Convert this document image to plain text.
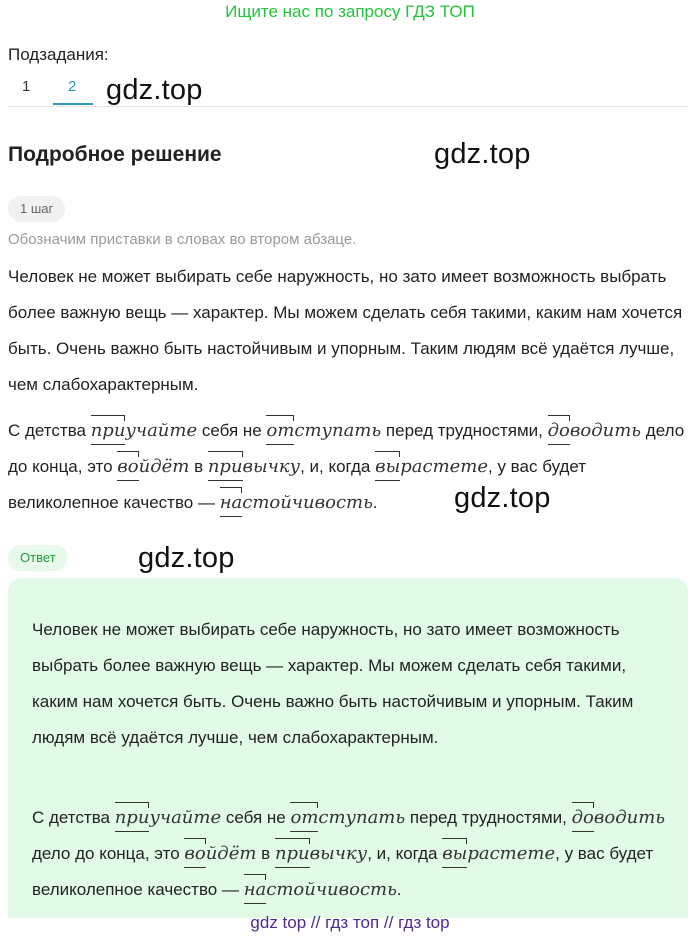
Ищите нас по запросу ГДЗ ТОП
Подзадания:
1	2 gdz.top
gdz.top
gdz.top
gdz.top
Подробное решение
1 шаг
Обозначим приставки в словах во втором абзаце.
Человек не может выбирать себе наружность, но зато имеет возможность выбрать более важную вещь — характер. Мы можем сделать себя такими, каким нам хочется быть. Очень важно быть настойчивым и упорным. Таким людям всё удаётся лучше, чем слабохарактерным.
С детства приучайте себя не отступать перед трудностями, доводить дело до конца, это войдёт в привычку, и, когда вырастете, у вас будет великолепное качество — настойчивость.
Ответ
Человек не может выбирать себе наружность, но зато имеет возможность выбрать более важную вещь — характер. Мы можем сделать себя такими, каким нам хочется быть. Очень важно быть настойчивым и упорным. Таким людям всё удаётся лучше, чем слабохарактерным.
С детства приучайте себя не отступать перед трудностями, доводить дело до конца, это войдёт в привычку, и, когда вырастете, у вас будет великолепное качество — настойчивость.
gdz top // гдз топ // гдз top
